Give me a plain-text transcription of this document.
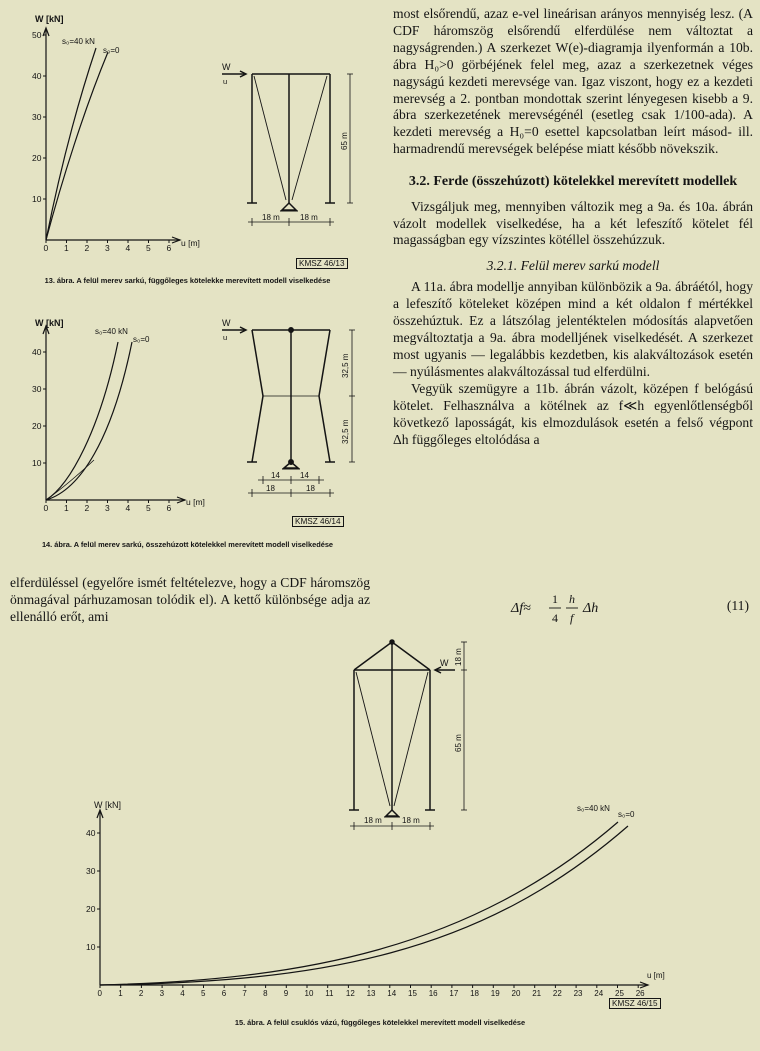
10
20
30
40
50
0 1 2 3 4 5 6
W [kN]
u [m]
s₀=40 kN
s₀=0
W
u
65 m
18 m	18 m
KMSZ 46/13
13. ábra. A felül merev sarkú, függőleges kötelekke merevített modell viselkedése
10
20
30
40
0 1 2 3 4 5 6
W [kN]
u [m]
s₀=40 kN
s₀=0
W
u
32,5 m
32,5 m
14	14
18	18
KMSZ 46/14
14. ábra. A felül merev sarkú, összehúzott kötelekkel merevített modell viselkedése

elferdüléssel (egyelőre ismét feltételezve, hogy a CDF háromszög önmagával párhuzamosan tolódik el). A kettő különbsége adja az ellenálló erőt, ami

most elsőrendű, azaz e-vel lineárisan arányos mennyiség lesz. (A CDF háromszög elsőrendű elferdülése nem változtat a nagyságrenden.) A szerkezet W(e)-diagramja ilyenformán a 10b. ábra H₀>0 görbéjének felel meg, azaz a szerkezetnek véges nagyságú kezdeti merevsége van. Igaz viszont, hogy ez a kezdeti merevség a 2. pontban mondottak szerint lényegesen kisebb a 9. ábra szerkezetének merevségénél (esetleg csak 1/100-ada). A kezdeti merevség a H₀=0 esettel kapcsolatban leírt másod- ill. harmadrendű merevségek belépése miatt később növekszik.

3.2. Ferde (összehúzott) kötelekkel merevített modellek

Vizsgáljuk meg, mennyiben változik meg a 9a. és 10a. ábrán vázolt modellek viselkedése, ha a két lefeszítő kötelet fél magasságban egy vízszintes kötéllel összehúzzuk.

3.2.1. Felül merev sarkú modell

A 11a. ábra modellje annyiban különbözik a 9a. ábráétól, hogy a lefeszítő köteleket középen mind a két oldalon f mértékkel összehúztuk. Ez a látszólag jelentéktelen módosítás alapvetően megváltoztatja a 9a. ábra modelljének viselkedését. A szerkezet most ugyanis — legalábbis kezdetben, kis alakváltozások esetén — nyúlásmentes alakváltozással tud elferdülni.

Vegyük szemügyre a 11b. ábrán vázolt, középen f belógású kötelet. Felhasználva a kötélnek az f≪h egyenlőtlenségből következő laposságát, kis elmozdulások esetén a felső végpont Δh függőleges eltolódása a

Δf≈
1
4
h
f
Δh	(11)
W 18 m
65 m
18 m	18 m
10
20
30
40
0 1 2 3 4 5 6 7 8 9 10 11 12 13 14 15 16 17 18 19 20 21 22 23 24 25 26
W [kN]
u [m]
s₀=40 kN
s₀=0
KMSZ 46/15
15. ábra. A felül csuklós vázú, függőleges kötelekkel merevített modell viselkedése
